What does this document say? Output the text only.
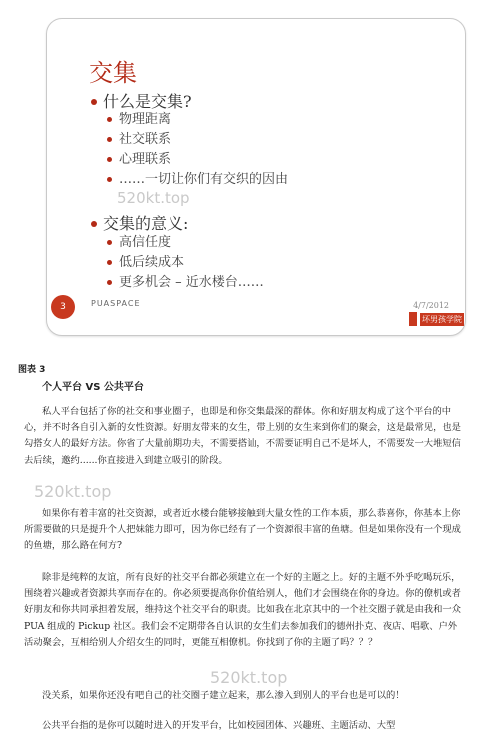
交集
什么是交集?
物理距离
社交联系
心理联系
……一切让你们有交织的因由
520kt.top
交集的意义:
高信任度
低后续成本
更多机会 – 近水楼台……
3	PUASPACE	4/7/2012
坏男孩学院
图表 3
个人平台 VS 公共平台
私人平台包括了你的社交和事业圈子，也即是和你交集最深的群体。你和好朋友构成了这个平台的中心，并不时各自引入新的女性资源。好朋友带来的女生，带上别的女生来到你们的聚会，这是最常见，也是勾搭女人的最好方法。你省了大量前期功夫，不需要搭讪，不需要证明自己不是坏人，不需要发一大堆短信去后续，邀约......你直接进入到建立吸引的阶段。
520kt.top
如果你有着丰富的社交资源，或者近水楼台能够接触到大量女性的工作本质，那么恭喜你，你基本上你所需要做的只是提升个人把妹能力即可，因为你已经有了一个资源很丰富的鱼塘。但是如果你没有一个现成的鱼塘，那么路在何方?
除非是纯粹的友谊，所有良好的社交平台都必须建立在一个好的主题之上。好的主题不外乎吃喝玩乐，围绕着兴趣或者资源共享而存在的。你必须要提高你价值给别人，他们才会围绕在你的身边。你的僚机或者好朋友和你共同承担着发展，维持这个社交平台的职责。比如我在北京其中的一个社交圈子就是由我和一众 PUA 组成的 Pickup 社区。我们会不定期带各自认识的女生们去参加我们的德州扑克、夜店、唱歌、户外活动聚会，互相给别人介绍女生的同时，更能互相僚机。你找到了你的主题了吗？？？
520kt.top
没关系，如果你还没有吧自己的社交圈子建立起来，那么渗入到别人的平台也是可以的！
公共平台指的是你可以随时进入的开发平台，比如校园团体、兴趣班、主题活动、大型
